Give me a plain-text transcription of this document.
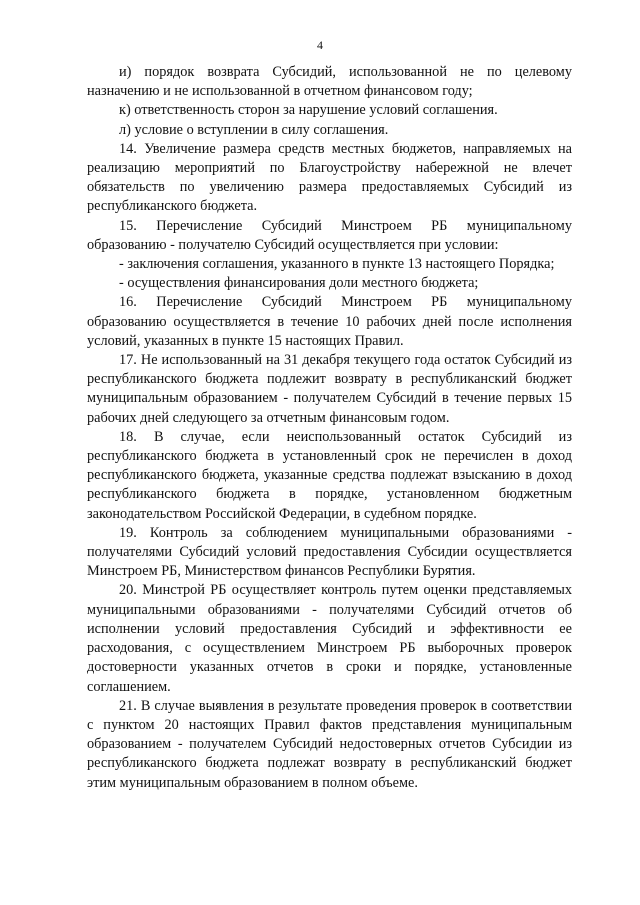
4

и) порядок возврата Субсидий, использованной не по целевому назначению и не использованной в отчетном финансовом году;

к) ответственность сторон за нарушение условий соглашения.

л) условие о вступлении в силу соглашения.

14. Увеличение размера средств местных бюджетов, направляемых на реализацию мероприятий по Благоустройству набережной не влечет обязательств по увеличению размера предоставляемых Субсидий из республиканского бюджета.

15. Перечисление Субсидий Минстроем РБ муниципальному образованию - получателю Субсидий осуществляется при условии:

- заключения соглашения, указанного в пункте 13 настоящего Порядка;

- осуществления финансирования доли местного бюджета;

16. Перечисление Субсидий Минстроем РБ муниципальному образованию осуществляется в течение 10 рабочих дней после исполнения условий, указанных в пункте 15 настоящих Правил.

17. Не использованный на 31 декабря текущего года остаток Субсидий из республиканского бюджета подлежит возврату в республиканский бюджет муниципальным образованием - получателем Субсидий в течение первых 15 рабочих дней следующего за отчетным финансовым годом.

18. В случае, если неиспользованный остаток Субсидий из республиканского бюджета в установленный срок не перечислен в доход республиканского бюджета, указанные средства подлежат взысканию в доход республиканского бюджета в порядке, установленном бюджетным законодательством Российской Федерации, в судебном порядке.

19. Контроль за соблюдением муниципальными образованиями - получателями Субсидий условий предоставления Субсидии осуществляется Минстроем РБ, Министерством финансов Республики Бурятия.

20. Минстрой РБ осуществляет контроль путем оценки представляемых муниципальными образованиями - получателями Субсидий отчетов об исполнении условий предоставления Субсидий и эффективности ее расходования, с осуществлением Минстроем РБ выборочных проверок достоверности указанных отчетов в сроки и порядке, установленные соглашением.

21. В случае выявления в результате проведения проверок в соответствии с пунктом 20 настоящих Правил фактов представления муниципальным образованием - получателем Субсидий недостоверных отчетов Субсидии из республиканского бюджета подлежат возврату в республиканский бюджет этим муниципальным образованием в полном объеме.
